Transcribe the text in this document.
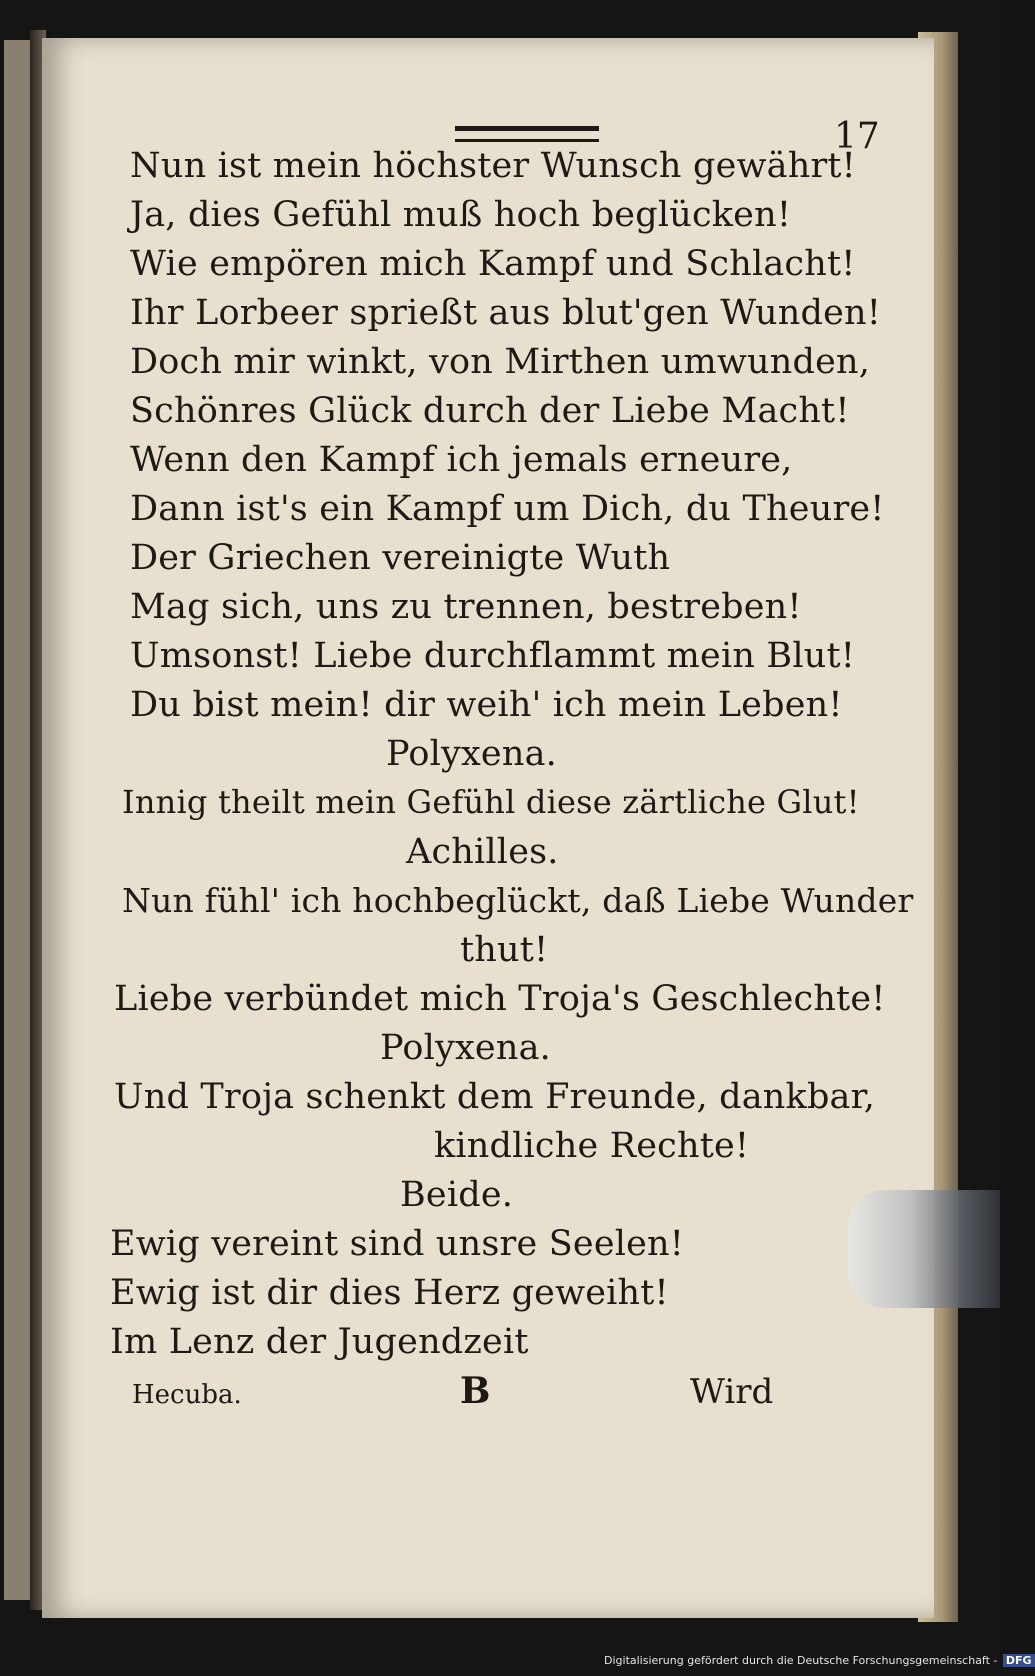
17
Nun ist mein höchster Wunsch gewährt!
Ja, dies Gefühl muß hoch beglücken!
Wie empören mich Kampf und Schlacht!
Ihr Lorbeer sprießt aus blut'gen Wunden!
Doch mir winkt, von Mirthen umwunden,
Schönres Glück durch der Liebe Macht!
Wenn den Kampf ich jemals erneure,
Dann ist's ein Kampf um Dich, du Theure!
Der Griechen vereinigte Wuth
Mag sich, uns zu trennen, bestreben!
Umsonst! Liebe durchflammt mein Blut!
Du bist mein! dir weih' ich mein Leben!
Polyxena.
Innig theilt mein Gefühl diese zärtliche Glut!
Achilles.
Nun fühl' ich hochbeglückt, daß Liebe Wunder
thut!
Liebe verbündet mich Troja's Geschlechte!
Polyxena.
Und Troja schenkt dem Freunde, dankbar,
kindliche Rechte!
Beide.
Ewig vereint sind unsre Seelen!
Ewig ist dir dies Herz geweiht!
Im Lenz der Jugendzeit
Hecuba.	B	Wird
Digitalisierung gefördert durch die Deutsche Forschungsgemeinschaft - DFG
